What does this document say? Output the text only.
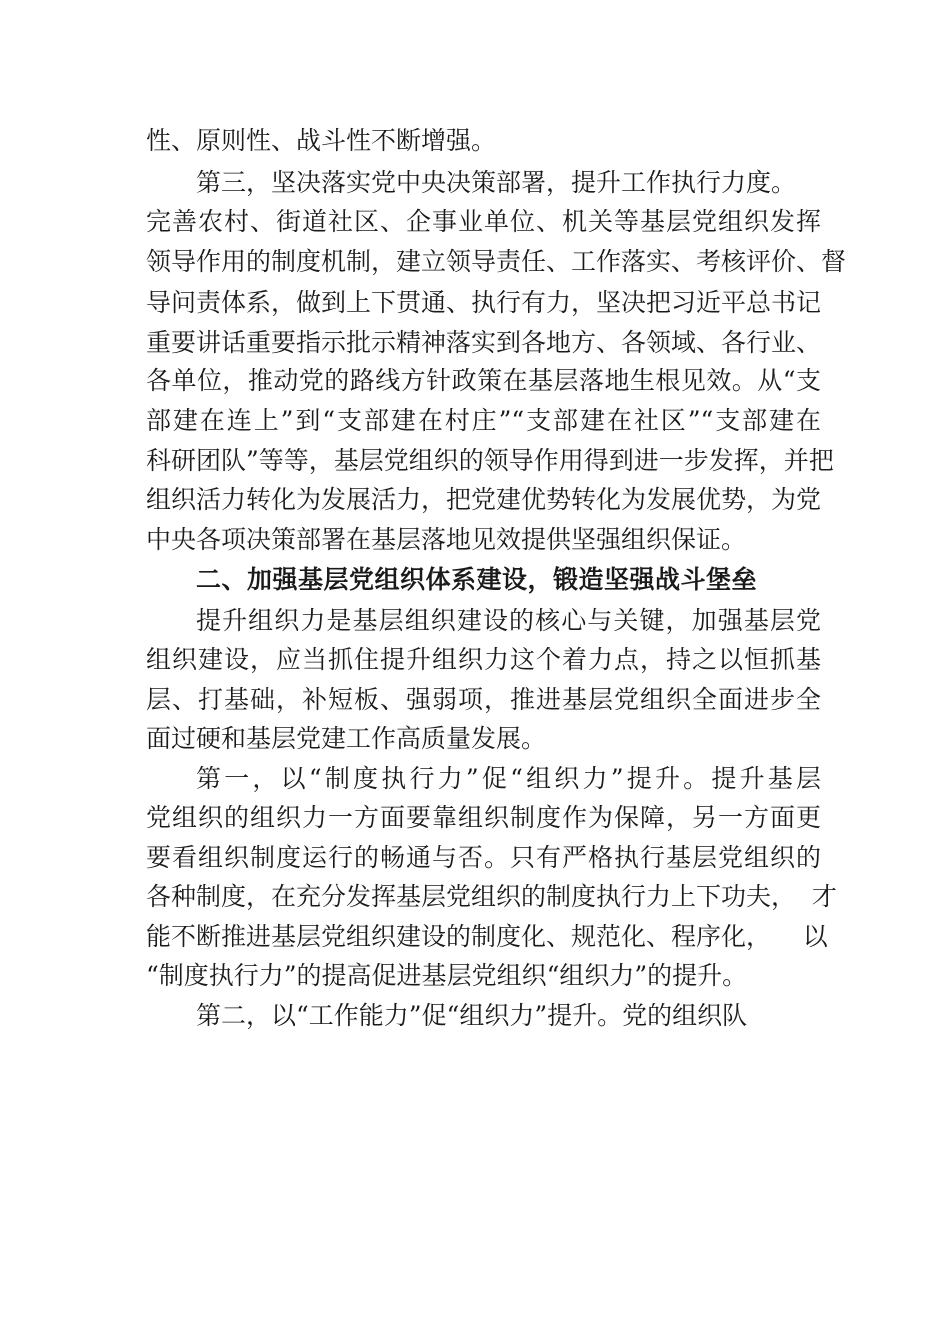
性、原则性、战斗性不断增强。
第三，坚决落实党中央决策部署，提升工作执行力度。
完善农村、街道社区、企事业单位、机关等基层党组织发挥
领导作用的制度机制，建立领导责任、工作落实、考核评价、督
导问责体系，做到上下贯通、执行有力，坚决把习近平总书记
重要讲话重要指示批示精神落实到各地方、各领域、各行业、
各单位，推动党的路线方针政策在基层落地生根见效。从“支
部建在连上”到“支部建在村庄”“支部建在社区”“支部建在
科研团队”等等，基层党组织的领导作用得到进一步发挥，并把
组织活力转化为发展活力，把党建优势转化为发展优势，为党
中央各项决策部署在基层落地见效提供坚强组织保证。
二、加强基层党组织体系建设，锻造坚强战斗堡垒
提升组织力是基层组织建设的核心与关键，加强基层党
组织建设，应当抓住提升组织力这个着力点，持之以恒抓基
层、打基础，补短板、强弱项，推进基层党组织全面进步全
面过硬和基层党建工作高质量发展。
第一，以“制度执行力”促“组织力”提升。提升基层
党组织的组织力一方面要靠组织制度作为保障，另一方面更
要看组织制度运行的畅通与否。只有严格执行基层党组织的
各种制度，在充分发挥基层党组织的制度执行力上下功夫，  才
能不断推进基层党组织建设的制度化、规范化、程序化，    以
“制度执行力”的提高促进基层党组织“组织力”的提升。
第二，以“工作能力”促“组织力”提升。党的组织队
